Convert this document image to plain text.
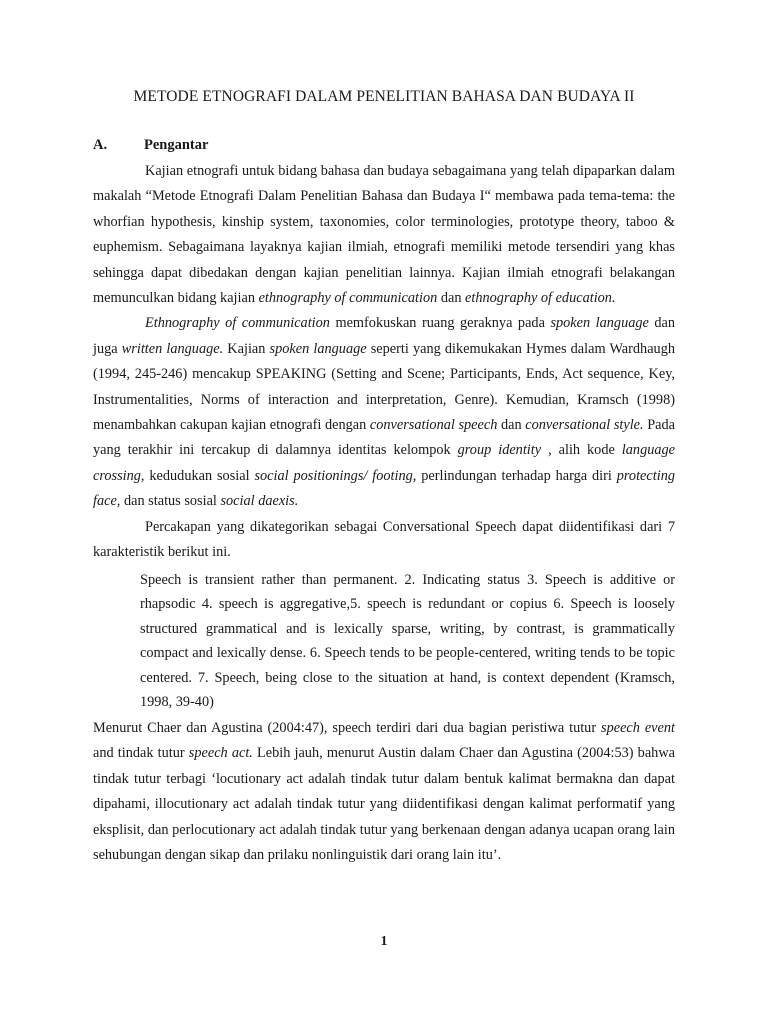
METODE ETNOGRAFI DALAM PENELITIAN BAHASA DAN BUDAYA II
A.	Pengantar

Kajian etnografi untuk bidang bahasa dan budaya sebagaimana yang telah dipaparkan dalam makalah “Metode Etnografi Dalam Penelitian Bahasa dan Budaya I“ membawa pada tema-tema: the whorfian hypothesis, kinship system, taxonomies, color terminologies, prototype theory, taboo & euphemism. Sebagaimana layaknya kajian ilmiah, etnografi memiliki metode tersendiri yang khas sehingga dapat dibedakan dengan kajian penelitian lainnya. Kajian ilmiah etnografi belakangan memunculkan bidang kajian ethnography of communication dan ethnography of education.

Ethnography of communication memfokuskan ruang geraknya pada spoken language dan juga written language. Kajian spoken language seperti yang dikemukakan Hymes dalam Wardhaugh (1994, 245-246) mencakup SPEAKING (Setting and Scene; Participants, Ends, Act sequence, Key, Instrumentalities, Norms of interaction and interpretation, Genre). Kemudian, Kramsch (1998) menambahkan cakupan kajian etnografi dengan conversational speech dan conversational style. Pada yang terakhir ini tercakup di dalamnya identitas kelompok group identity , alih kode language crossing, kedudukan sosial social positionings/ footing, perlindungan terhadap harga diri protecting face, dan status sosial social daexis.

Percakapan yang dikategorikan sebagai Conversational Speech dapat diidentifikasi dari 7 karakteristik berikut ini.

Speech is transient rather than permanent. 2. Indicating status 3. Speech is additive or rhapsodic 4. speech is aggregative,5. speech is redundant or copius 6. Speech is loosely structured grammatical and is lexically sparse, writing, by contrast, is grammatically compact and lexically dense. 6. Speech tends to be people-centered, writing tends to be topic centered. 7. Speech, being close to the situation at hand, is context dependent (Kramsch, 1998, 39-40)

Menurut Chaer dan Agustina (2004:47), speech terdiri dari dua bagian peristiwa tutur speech event and tindak tutur speech act. Lebih jauh, menurut Austin dalam Chaer dan Agustina (2004:53) bahwa tindak tutur terbagi ‘locutionary act adalah tindak tutur dalam bentuk kalimat bermakna dan dapat dipahami, illocutionary act adalah tindak tutur yang diidentifikasi dengan kalimat performatif yang eksplisit, dan perlocutionary act adalah tindak tutur yang berkenaan dengan adanya ucapan orang lain sehubungan dengan sikap dan prilaku nonlinguistik dari orang lain itu’.

1
